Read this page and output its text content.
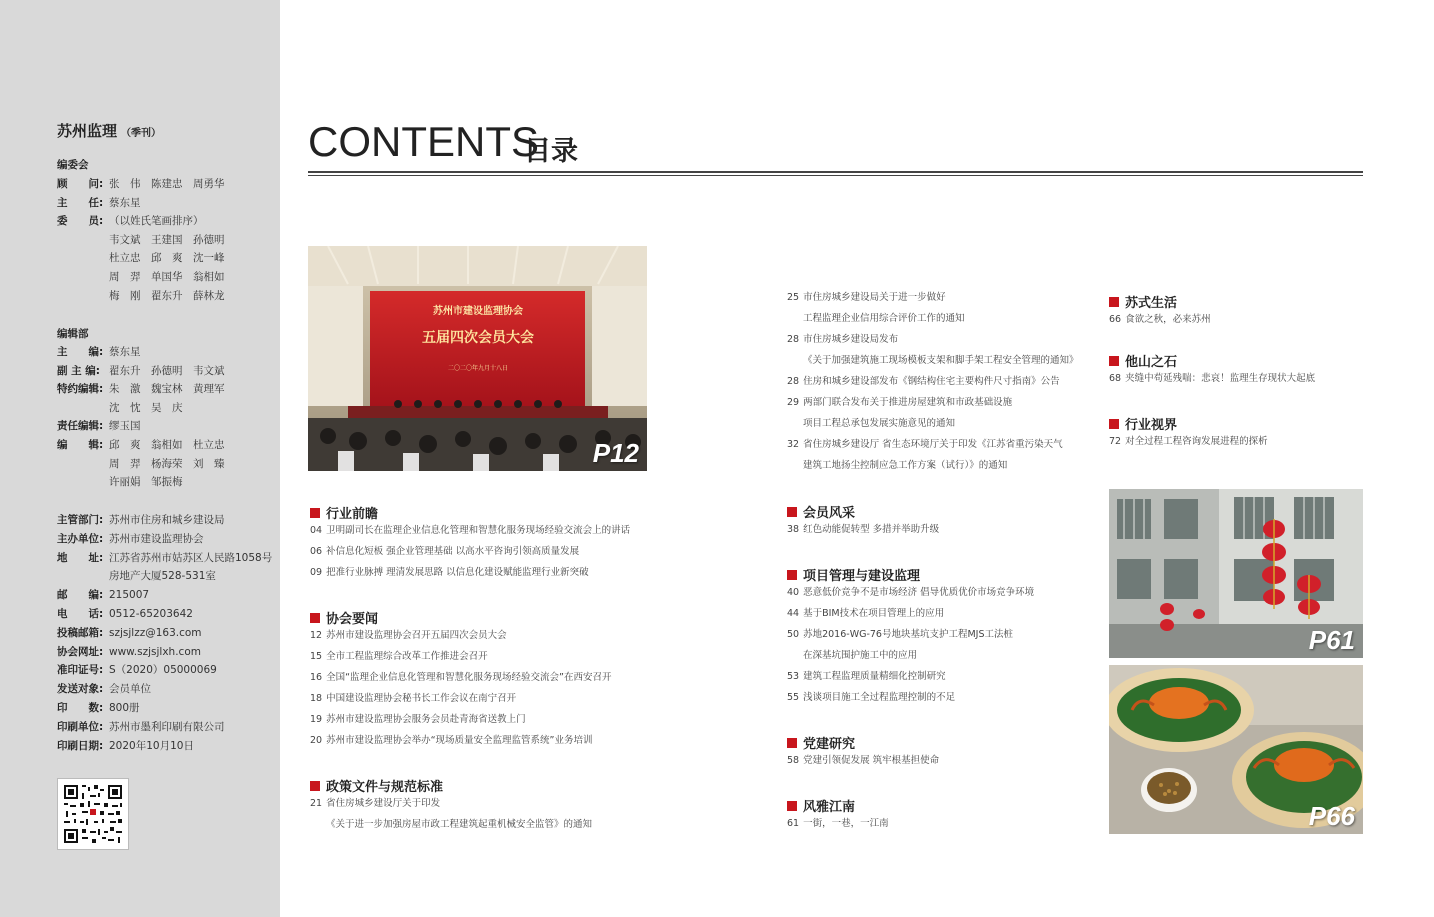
苏州监理 （季刊）
编委会
顾　　问: 张　伟　陈建忠　周勇华
主　　任: 蔡东星
委　　员: （以姓氏笔画排序）
韦文斌　王建国　孙德明
杜立忠　邱　爽　沈一峰
周　羿　单国华　翁相如
梅　刚　翟东升　薛林龙
编辑部
主　　编: 蔡东星
副 主 编: 翟东升　孙德明　韦文斌
特约编辑: 朱　激　魏宝林　黄理军
沈　忱　吴　庆
责任编辑: 缪玉国
编　　辑: 邱　爽　翁相如　杜立忠
周　羿　杨海荣　刘　臻
许丽娟　邹振梅
主管部门: 苏州市住房和城乡建设局
主办单位: 苏州市建设监理协会
地　　址: 江苏省苏州市姑苏区人民路1058号
房地产大厦528-531室
邮　　编: 215007
电　　话: 0512-65203642
投稿邮箱: szjsjlzz@163.com
协会网址: www.szjsjlxh.com
准印证号: S（2020）05000069
发送对象: 会员单位
印　　数: 800册
印刷单位: 苏州市墨利印刷有限公司
印刷日期: 2020年10月10日
CONTENTS
目录
苏州市建设监理协会
五届四次会员大会
二〇二〇年九月十八日
P12
P61
P66
行业前瞻
04 卫明副司长在监理企业信息化管理和智慧化服务现场经验交流会上的讲话
06 补信息化短板 强企业管理基础 以高水平咨询引领高质量发展
09 把准行业脉搏 理清发展思路 以信息化建设赋能监理行业新突破
协会要闻
12 苏州市建设监理协会召开五届四次会员大会
15 全市工程监理综合改革工作推进会召开
16 全国“监理企业信息化管理和智慧化服务现场经验交流会”在西安召开
18 中国建设监理协会秘书长工作会议在南宁召开
19 苏州市建设监理协会服务会员赴青海省送教上门
20 苏州市建设监理协会举办“现场质量安全监理监管系统”业务培训
政策文件与规范标准
21 省住房城乡建设厅关于印发
《关于进一步加强房屋市政工程建筑起重机械安全监管》的通知
25 市住房城乡建设局关于进一步做好
工程监理企业信用综合评价工作的通知
28 市住房城乡建设局发布
《关于加强建筑施工现场模板支架和脚手架工程安全管理的通知》
28 住房和城乡建设部发布《钢结构住宅主要构件尺寸指南》公告
29 两部门联合发布关于推进房屋建筑和市政基础设施
项目工程总承包发展实施意见的通知
32 省住房城乡建设厅 省生态环境厅关于印发《江苏省重污染天气
建筑工地扬尘控制应急工作方案（试行）》的通知
会员风采
38 红色动能促转型 多措并举助升级
项目管理与建设监理
40 恶意低价竞争不是市场经济 倡导优质优价市场竞争环境
44 基于BIM技术在项目管理上的应用
50 苏地2016-WG-76号地块基坑支护工程MJS工法桩
在深基坑围护施工中的应用
53 建筑工程监理质量精细化控制研究
55 浅谈项目施工全过程监理控制的不足
党建研究
58 党建引领促发展 筑牢根基担使命
风雅江南
61 一街，一巷，一江南
苏式生活
66 食欲之秋，必来苏州
他山之石
68 夹缝中苟延残喘：悲哀！监理生存现状大起底
行业视界
72 对全过程工程咨询发展进程的探析
